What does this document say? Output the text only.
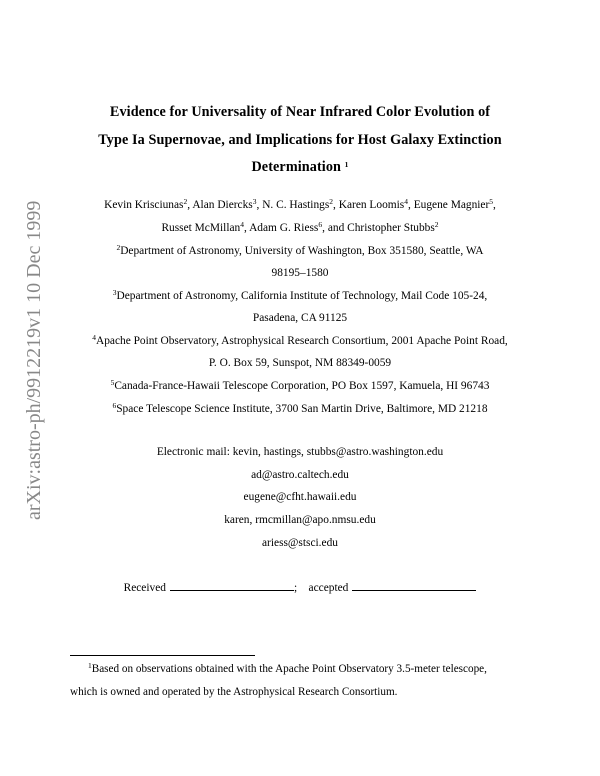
arXiv:astro-ph/9912219v1 10 Dec 1999
Evidence for Universality of Near Infrared Color Evolution of
Type Ia Supernovae, and Implications for Host Galaxy Extinction
Determination $^1$
Kevin Krisciunas$^2$, Alan Diercks$^3$, N. C. Hastings$^2$, Karen Loomis$^4$, Eugene Magnier$^5$,
Russet McMillan$^4$, Adam G. Riess$^6$, and Christopher Stubbs$^2$
$^2$Department of Astronomy, University of Washington, Box 351580, Seattle, WA
98195–1580
$^3$Department of Astronomy, California Institute of Technology, Mail Code 105-24,
Pasadena, CA 91125
$^4$Apache Point Observatory, Astrophysical Research Consortium, 2001 Apache Point Road,
P. O. Box 59, Sunspot, NM 88349-0059
$^5$Canada-France-Hawaii Telescope Corporation, PO Box 1597, Kamuela, HI 96743
$^6$Space Telescope Science Institute, 3700 San Martin Drive, Baltimore, MD 21218
Electronic mail: kevin, hastings, stubbs@astro.washington.edu
ad@astro.caltech.edu
eugene@cfht.hawaii.edu
karen, rmcmillan@apo.nmsu.edu
ariess@stsci.edu
Received	; accepted
$^1$Based on observations obtained with the Apache Point Observatory 3.5-meter telescope,
which is owned and operated by the Astrophysical Research Consortium.
